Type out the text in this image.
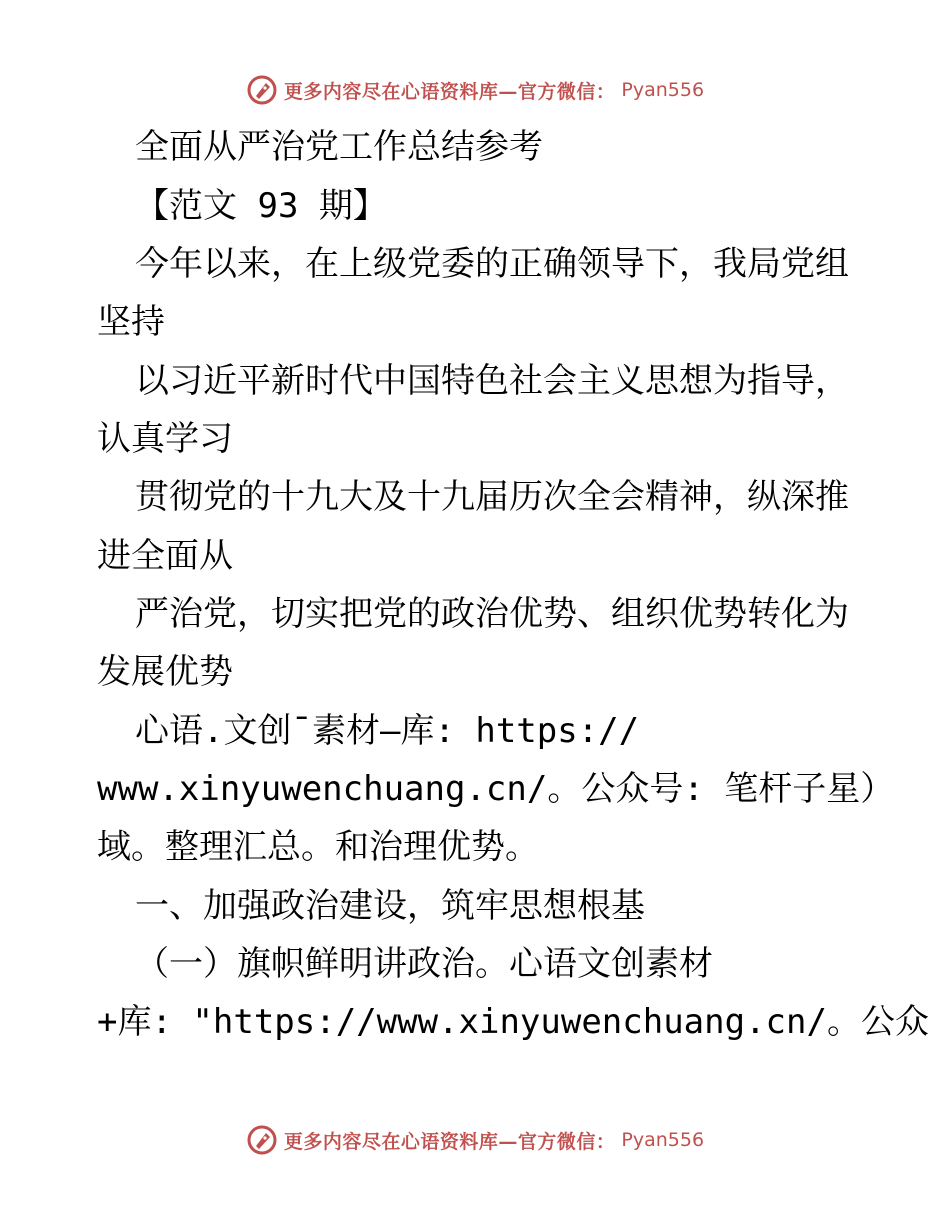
更多内容尽在心语资料库—官方微信： Pyan556
全面从严治党工作总结参考
【范文 93 期】
今年以来，在上级党委的正确领导下，我局党组
坚持
以习近平新时代中国特色社会主义思想为指导，
认真学习
贯彻党的十九大及十九届历次全会精神，纵深推
进全面从
严治党，切实把党的政治优势、组织优势转化为
发展优势
心语.文创¯素材—库: https://
www.xinyuwenchuang.cn/。公众号: 笔杆子星）
域。整理汇总。和治理优势。
一、加强政治建设，筑牢思想根基
（一）旗帜鲜明讲政治。心语文创素材
+库: "https://www.xinyuwenchuang.cn/。公众
更多内容尽在心语资料库—官方微信： Pyan556
